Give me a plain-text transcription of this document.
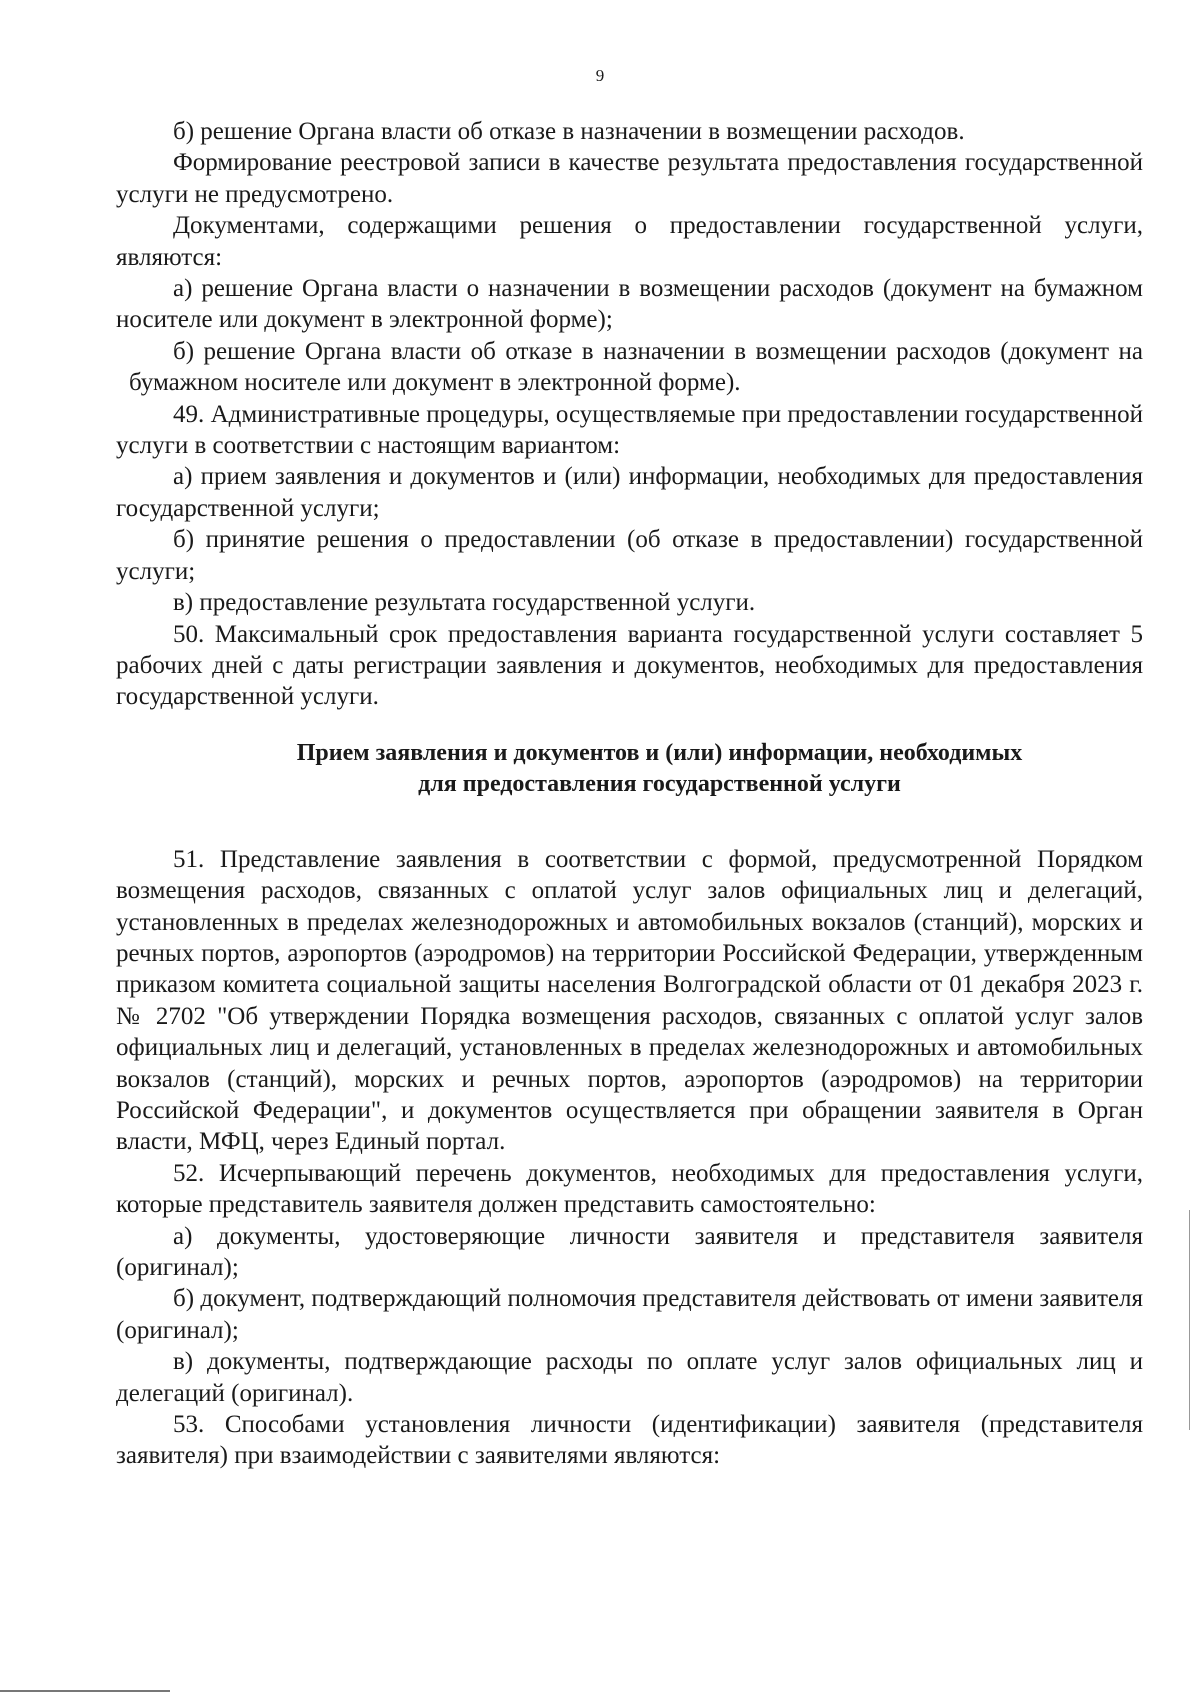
9

б) решение Органа власти об отказе в назначении в возмещении расходов.

Формирование реестровой записи в качестве результата предоставления государственной услуги не предусмотрено.

Документами, содержащими решения о предоставлении государственной услуги, являются:

а) решение Органа власти о назначении в возмещении расходов (документ на бумажном носителе или документ в электронной форме);

б) решение Органа власти об отказе в назначении в возмещении расходов (документ на бумажном носителе или документ в электронной форме).

49. Административные процедуры, осуществляемые при предоставлении государственной услуги в соответствии с настоящим вариантом:

а) прием заявления и документов и (или) информации, необходимых для предоставления государственной услуги;

б) принятие решения о предоставлении (об отказе в предоставлении) государственной услуги;

в) предоставление результата государственной услуги.

50. Максимальный срок предоставления варианта государственной услуги составляет 5 рабочих дней с даты регистрации заявления и документов, необходимых для предоставления государственной услуги.

Прием заявления и документов и (или) информации, необходимых
для предоставления государственной услуги

51. Представление заявления в соответствии с формой, предусмотренной Порядком возмещения расходов, связанных с оплатой услуг залов официальных лиц и делегаций, установленных в пределах железнодорожных и автомобильных вокзалов (станций), морских и речных портов, аэропортов (аэродромов) на территории Российской Федерации, утвержденным приказом комитета социальной защиты населения Волгоградской области от 01 декабря 2023 г. № 2702 "Об утверждении Порядка возмещения расходов, связанных с оплатой услуг залов официальных лиц и делегаций, установленных в пределах железнодорожных и автомобильных вокзалов (станций), морских и речных портов, аэропортов (аэродромов) на территории Российской Федерации", и документов осуществляется при обращении заявителя в Орган власти, МФЦ, через Единый портал.

52. Исчерпывающий перечень документов, необходимых для предоставления услуги, которые представитель заявителя должен представить самостоятельно:

а) документы, удостоверяющие личности заявителя и представителя заявителя (оригинал);

б) документ, подтверждающий полномочия представителя действовать от имени заявителя (оригинал);

в) документы, подтверждающие расходы по оплате услуг залов официальных лиц и делегаций (оригинал).

53. Способами установления личности (идентификации) заявителя (представителя заявителя) при взаимодействии с заявителями являются:
